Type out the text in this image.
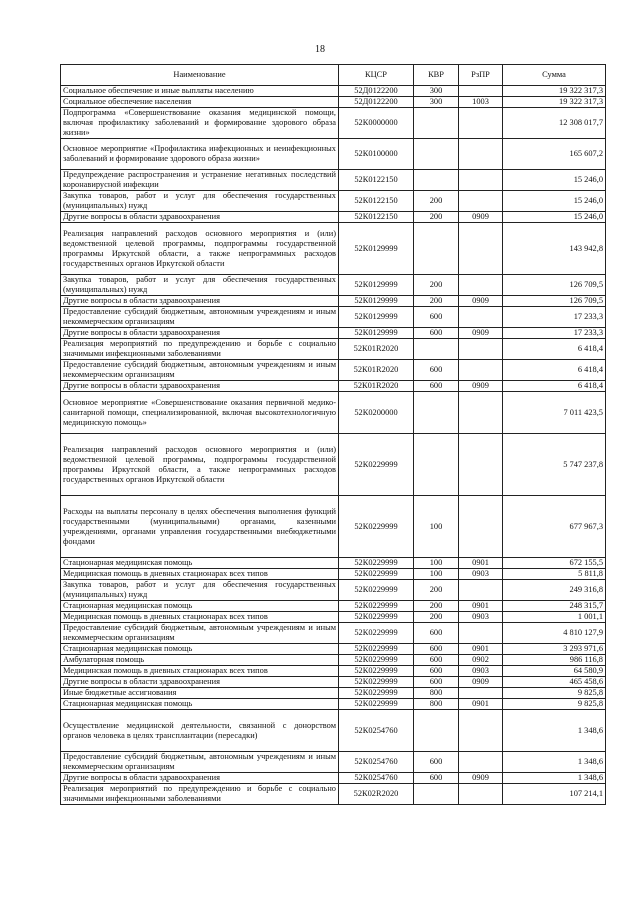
18
Наименование	КЦСР	КВР	РзПР	Сумма
Социальное обеспечение и иные выплаты населению	52Д0122200	300		19 322 317,3
Социальное обеспечение населения	52Д0122200	300	1003	19 322 317,3
Подпрограмма «Совершенствование оказания медицинской помощи, включая профилактику заболеваний и формирование здорового образа жизни»	52К0000000			12 308 017,7
Основное мероприятие «Профилактика инфекционных и неинфекционных заболеваний и формирование здорового образа жизни»	52К0100000			165 607,2
Предупреждение распространения и устранение негативных последствий коронавирусной инфекции	52К0122150			15 246,0
Закупка товаров, работ и услуг для обеспечения государственных (муниципальных) нужд	52К0122150	200		15 246,0
Другие вопросы в области здравоохранения	52К0122150	200	0909	15 246,0
Реализация направлений расходов основного мероприятия и (или) ведомственной целевой программы, подпрограммы государственной программы Иркутской области, а также непрограммных расходов государственных органов Иркутской области	52К0129999			143 942,8
Закупка товаров, работ и услуг для обеспечения государственных (муниципальных) нужд	52К0129999	200		126 709,5
Другие вопросы в области здравоохранения	52К0129999	200	0909	126 709,5
Предоставление субсидий бюджетным, автономным учреждениям и иным некоммерческим организациям	52К0129999	600		17 233,3
Другие вопросы в области здравоохранения	52К0129999	600	0909	17 233,3
Реализация мероприятий по предупреждению и борьбе с социально значимыми инфекционными заболеваниями	52К01R2020			6 418,4
Предоставление субсидий бюджетным, автономным учреждениям и иным некоммерческим организациям	52К01R2020	600		6 418,4
Другие вопросы в области здравоохранения	52К01R2020	600	0909	6 418,4
Основное мероприятие «Совершенствование оказания первичной медико-санитарной помощи, специализированной, включая высокотехнологичную медицинскую помощь»	52К0200000			7 011 423,5
Реализация направлений расходов основного мероприятия и (или) ведомственной целевой программы, подпрограммы государственной программы Иркутской области, а также непрограммных расходов государственных органов Иркутской области	52К0229999			5 747 237,8
Расходы на выплаты персоналу в целях обеспечения выполнения функций государственными (муниципальными) органами, казенными учреждениями, органами управления государственными внебюджетными фондами	52К0229999	100		677 967,3
Стационарная медицинская помощь	52К0229999	100	0901	672 155,5
Медицинская помощь в дневных стационарах всех типов	52К0229999	100	0903	5 811,8
Закупка товаров, работ и услуг для обеспечения государственных (муниципальных) нужд	52К0229999	200		249 316,8
Стационарная медицинская помощь	52К0229999	200	0901	248 315,7
Медицинская помощь в дневных стационарах всех типов	52К0229999	200	0903	1 001,1
Предоставление субсидий бюджетным, автономным учреждениям и иным некоммерческим организациям	52К0229999	600		4 810 127,9
Стационарная медицинская помощь	52К0229999	600	0901	3 293 971,6
Амбулаторная помощь	52К0229999	600	0902	986 116,8
Медицинская помощь в дневных стационарах всех типов	52К0229999	600	0903	64 580,9
Другие вопросы в области здравоохранения	52К0229999	600	0909	465 458,6
Иные бюджетные ассигнования	52К0229999	800		9 825,8
Стационарная медицинская помощь	52К0229999	800	0901	9 825,8
Осуществление медицинской деятельности, связанной с донорством органов человека в целях трансплантации (пересадки)	52К0254760			1 348,6
Предоставление субсидий бюджетным, автономным учреждениям и иным некоммерческим организациям	52К0254760	600		1 348,6
Другие вопросы в области здравоохранения	52К0254760	600	0909	1 348,6
Реализация мероприятий по предупреждению и борьбе с социально значимыми инфекционными заболеваниями	52К02R2020			107 214,1
